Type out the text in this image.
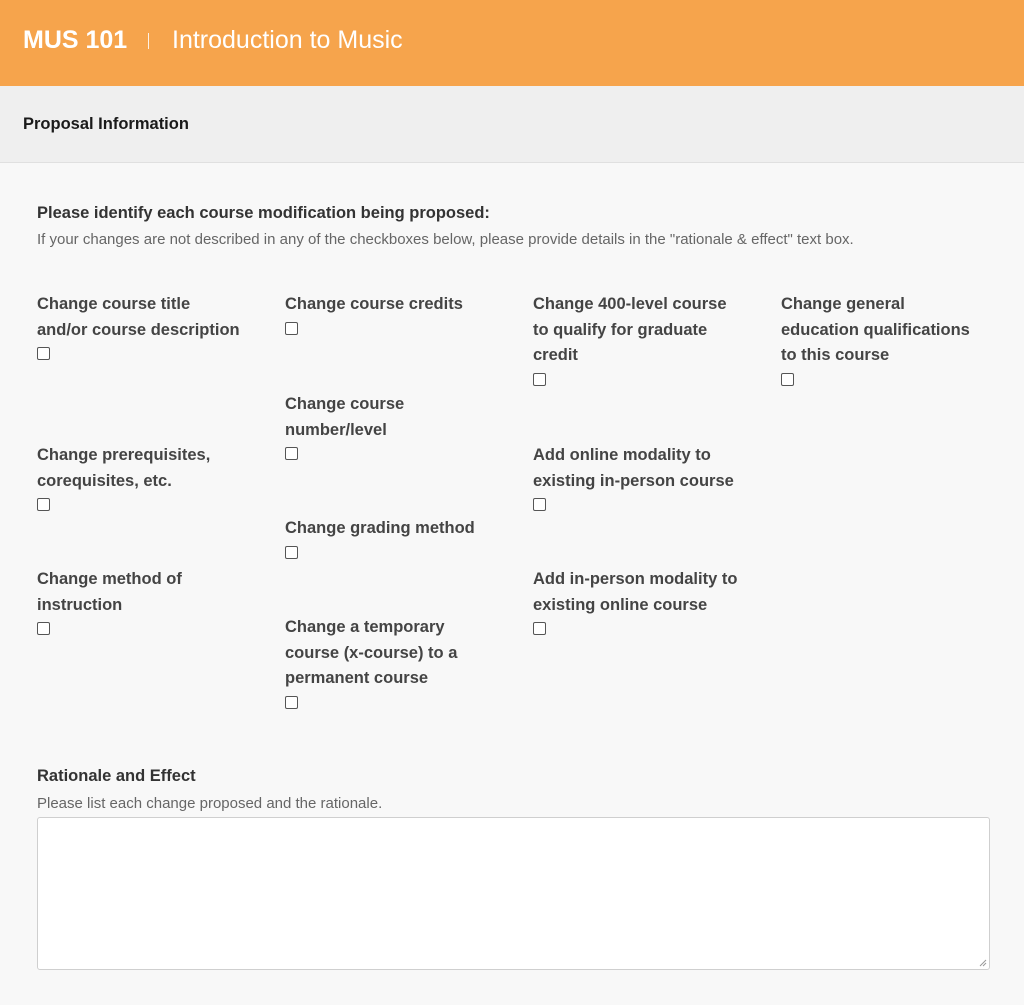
MUS 101 Introduction to Music
Proposal Information
Please identify each course modification being proposed:
If your changes are not described in any of the checkboxes below, please provide details in the "rationale & effect" text box.
Change course title and/or course description
Change prerequisites, corequisites, etc.
Change method of instruction
Change course credits
Change course number/level
Change grading method
Change a temporary course (x-course) to a permanent course
Change 400-level course to qualify for graduate credit
Add online modality to existing in-person course
Add in-person modality to existing online course
Change general education qualifications to this course
Rationale and Effect
Please list each change proposed and the rationale.
